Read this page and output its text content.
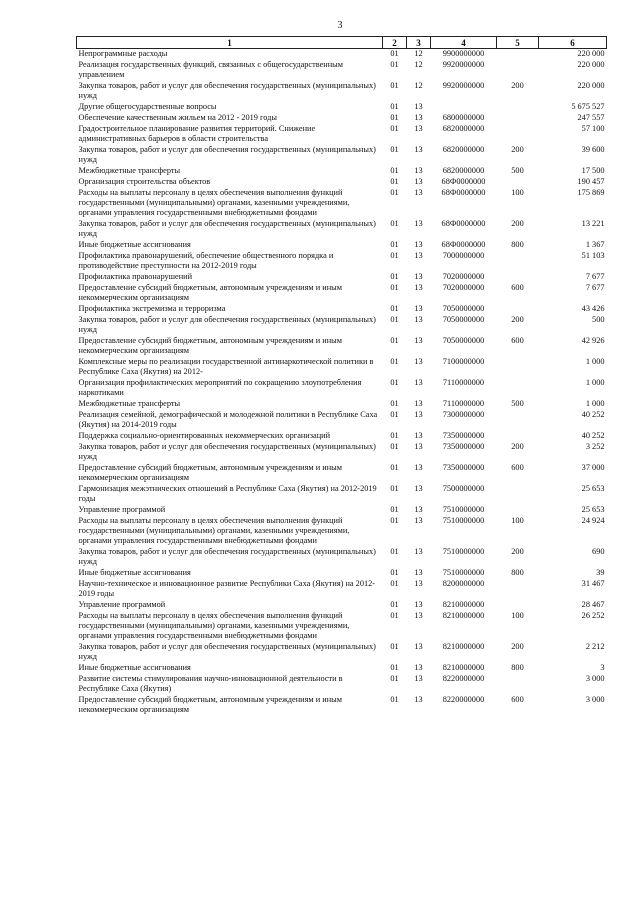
3
1	2	3	4	5	6
Непрограммные расходы	01	12	9900000000		220 000
Реализация государственных функций, связанных с общегосударственным управлением	01	12	9920000000		220 000
Закупка товаров, работ и услуг для обеспечения государственных (муниципальных) нужд	01	12	9920000000	200	220 000
Другие общегосударственные вопросы	01	13			5 675 527
Обеспечение качественным жильем на 2012 - 2019 годы	01	13	6800000000		247 557
Градостроительное планирование развития территорий. Снижение административных барьеров в области строительства	01	13	6820000000		57 100
Закупка товаров, работ и услуг для обеспечения государственных (муниципальных) нужд	01	13	6820000000	200	39 600
Межбюджетные трансферты	01	13	6820000000	500	17 500
Организация строительства объектов	01	13	68Ф0000000		190 457
Расходы на выплаты персоналу в целях обеспечения выполнения функций государственными (муниципальными) органами, казенными учреждениями, органами управления государственными внебюджетными фондами	01	13	68Ф0000000	100	175 869
Закупка товаров, работ и услуг для обеспечения государственных (муниципальных) нужд	01	13	68Ф0000000	200	13 221
Иные бюджетные ассигнования	01	13	68Ф0000000	800	1 367
Профилактика правонарушений, обеспечение общественного порядка и противодействие преступности на 2012-2019 годы	01	13	7000000000		51 103
Профилактика правонарушений	01	13	7020000000		7 677
Предоставление субсидий бюджетным, автономным учреждениям и иным некоммерческим организациям	01	13	7020000000	600	7 677
Профилактика экстремизма и терроризма	01	13	7050000000		43 426
Закупка товаров, работ и услуг для обеспечения государственных (муниципальных) нужд	01	13	7050000000	200	500
Предоставление субсидий бюджетным, автономным учреждениям и иным некоммерческим организациям	01	13	7050000000	600	42 926
Комплексные меры по реализации государственной антинаркотической политики в Республике Саха (Якутия) на 2012-	01	13	7100000000		1 000
Организация профилактических мероприятий по сокращению злоупотребления наркотиками	01	13	7110000000		1 000
Межбюджетные трансферты	01	13	7110000000	500	1 000
Реализация семейной, демографической и молодежной политики в Республике Саха (Якутия) на 2014-2019 годы	01	13	7300000000		40 252
Поддержка социально-ориентированных некоммерческих организаций	01	13	7350000000		40 252
Закупка товаров, работ и услуг для обеспечения государственных (муниципальных) нужд	01	13	7350000000	200	3 252
Предоставление субсидий бюджетным, автономным учреждениям и иным некоммерческим организациям	01	13	7350000000	600	37 000
Гармонизация межэтнических отношений в Республике Саха (Якутия) на 2012-2019 годы	01	13	7500000000		25 653
Управление программой	01	13	7510000000		25 653
Расходы на выплаты персоналу в целях обеспечения выполнения функций государственными (муниципальными) органами, казенными учреждениями, органами управления государственными внебюджетными фондами	01	13	7510000000	100	24 924
Закупка товаров, работ и услуг для обеспечения государственных (муниципальных) нужд	01	13	7510000000	200	690
Иные бюджетные ассигнования	01	13	7510000000	800	39
Научно-техническое и инновационное развитие Республики Саха (Якутия) на 2012-2019 годы	01	13	8200000000		31 467
Управление программой	01	13	8210000000		28 467
Расходы на выплаты персоналу в целях обеспечения выполнения функций государственными (муниципальными) органами, казенными учреждениями, органами управления государственными внебюджетными фондами	01	13	8210000000	100	26 252
Закупка товаров, работ и услуг для обеспечения государственных (муниципальных) нужд	01	13	8210000000	200	2 212
Иные бюджетные ассигнования	01	13	8210000000	800	3
Развитие системы стимулирования научно-инновационной деятельности в Республике Саха (Якутия)	01	13	8220000000		3 000
Предоставление субсидий бюджетным, автономным учреждениям и иным некоммерческим организациям	01	13	8220000000	600	3 000
